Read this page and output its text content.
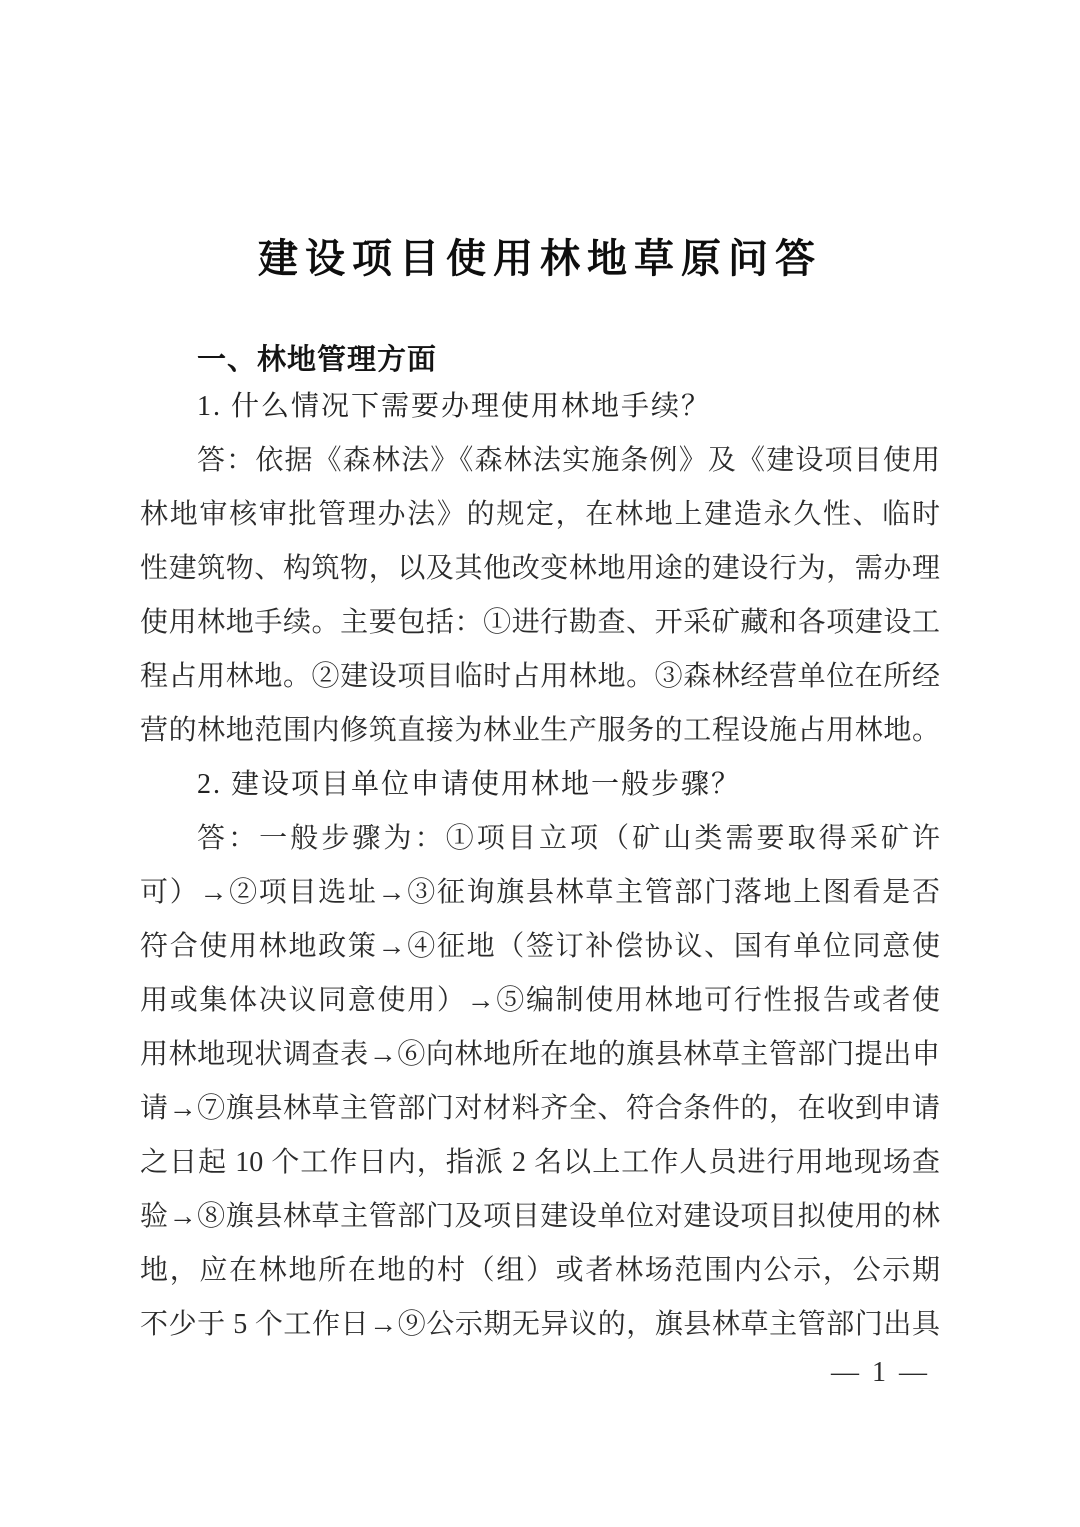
建设项目使用林地草原问答
一、林地管理方面
1. 什么情况下需要办理使用林地手续？
答：依据《森林法》《森林法实施条例》及《建设项目使用
林地审核审批管理办法》的规定，在林地上建造永久性、临时
性建筑物、构筑物，以及其他改变林地用途的建设行为，需办理
使用林地手续。主要包括：①进行勘查、开采矿藏和各项建设工
程占用林地。②建设项目临时占用林地。③森林经营单位在所经
营的林地范围内修筑直接为林业生产服务的工程设施占用林地。
2. 建设项目单位申请使用林地一般步骤？
答：一般步骤为：①项目立项（矿山类需要取得采矿许
可）→②项目选址→③征询旗县林草主管部门落地上图看是否
符合使用林地政策→④征地（签订补偿协议、国有单位同意使
用或集体决议同意使用）→⑤编制使用林地可行性报告或者使
用林地现状调查表→⑥向林地所在地的旗县林草主管部门提出申
请→⑦旗县林草主管部门对材料齐全、符合条件的，在收到申请
之日起 10 个工作日内，指派 2 名以上工作人员进行用地现场查
验→⑧旗县林草主管部门及项目建设单位对建设项目拟使用的林
地，应在林地所在地的村（组）或者林场范围内公示，公示期
不少于 5 个工作日→⑨公示期无异议的，旗县林草主管部门出具
— 1 —
